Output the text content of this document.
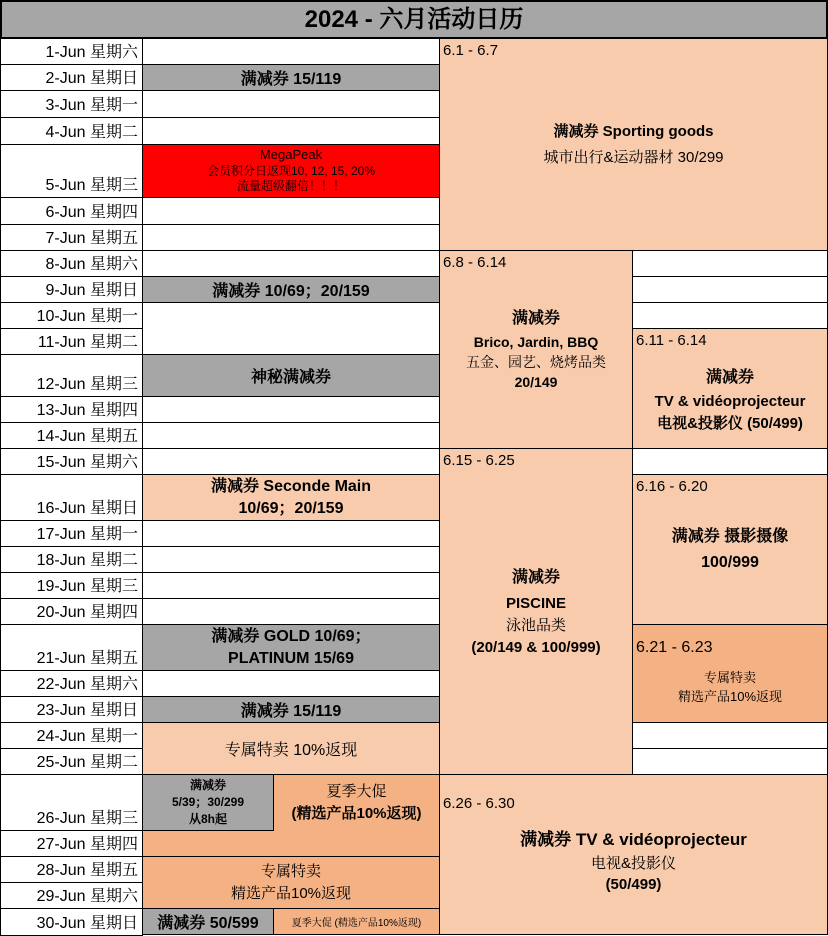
2024 - 六月活动日历
1-Jun 星期六
2-Jun 星期日
3-Jun 星期一
4-Jun 星期二
5-Jun 星期三
6-Jun 星期四
7-Jun 星期五
8-Jun 星期六
9-Jun 星期日
10-Jun 星期一
11-Jun 星期二
12-Jun 星期三
13-Jun 星期四
14-Jun 星期五
15-Jun 星期六
16-Jun 星期日
17-Jun 星期一
18-Jun 星期二
19-Jun 星期三
20-Jun 星期四
21-Jun 星期五
22-Jun 星期六
23-Jun 星期日
24-Jun 星期一
25-Jun 星期二
26-Jun 星期三
27-Jun 星期四
28-Jun 星期五
29-Jun 星期六
30-Jun 星期日
满减券 15/119
MegaPeak
会员积分日返现10, 12, 15, 20%
流量超级翻倍！！！
满减券 10/69；20/159
神秘满减券
满减券 Seconde Main
10/69；20/159
满减券 GOLD 10/69；
PLATINUM 15/69
满减券 15/119
专属特卖 10%返现
满减券
5/39；30/299
从8h起
夏季大促
(精选产品10%返现)
专属特卖
精选产品10%返现
满减券 50/599	夏季大促 (精选产品10%返现)
6.1 - 6.7
满减券 Sporting goods
城市出行&运动器材 30/299
6.8 - 6.14
满减券
Brico, Jardin, BBQ
五金、园艺、烧烤品类
20/149
6.11 - 6.14
满减券
TV & vidéoprojecteur
电视&投影仪 (50/499)
6.15 - 6.25
满减券
PISCINE
泳池品类
(20/149 & 100/999)
6.16 - 6.20
满减券 摄影摄像
100/999
6.21 - 6.23
专属特卖
精选产品10%返现
6.26 - 6.30
满减券 TV & vidéoprojecteur
电视&投影仪
(50/499)
